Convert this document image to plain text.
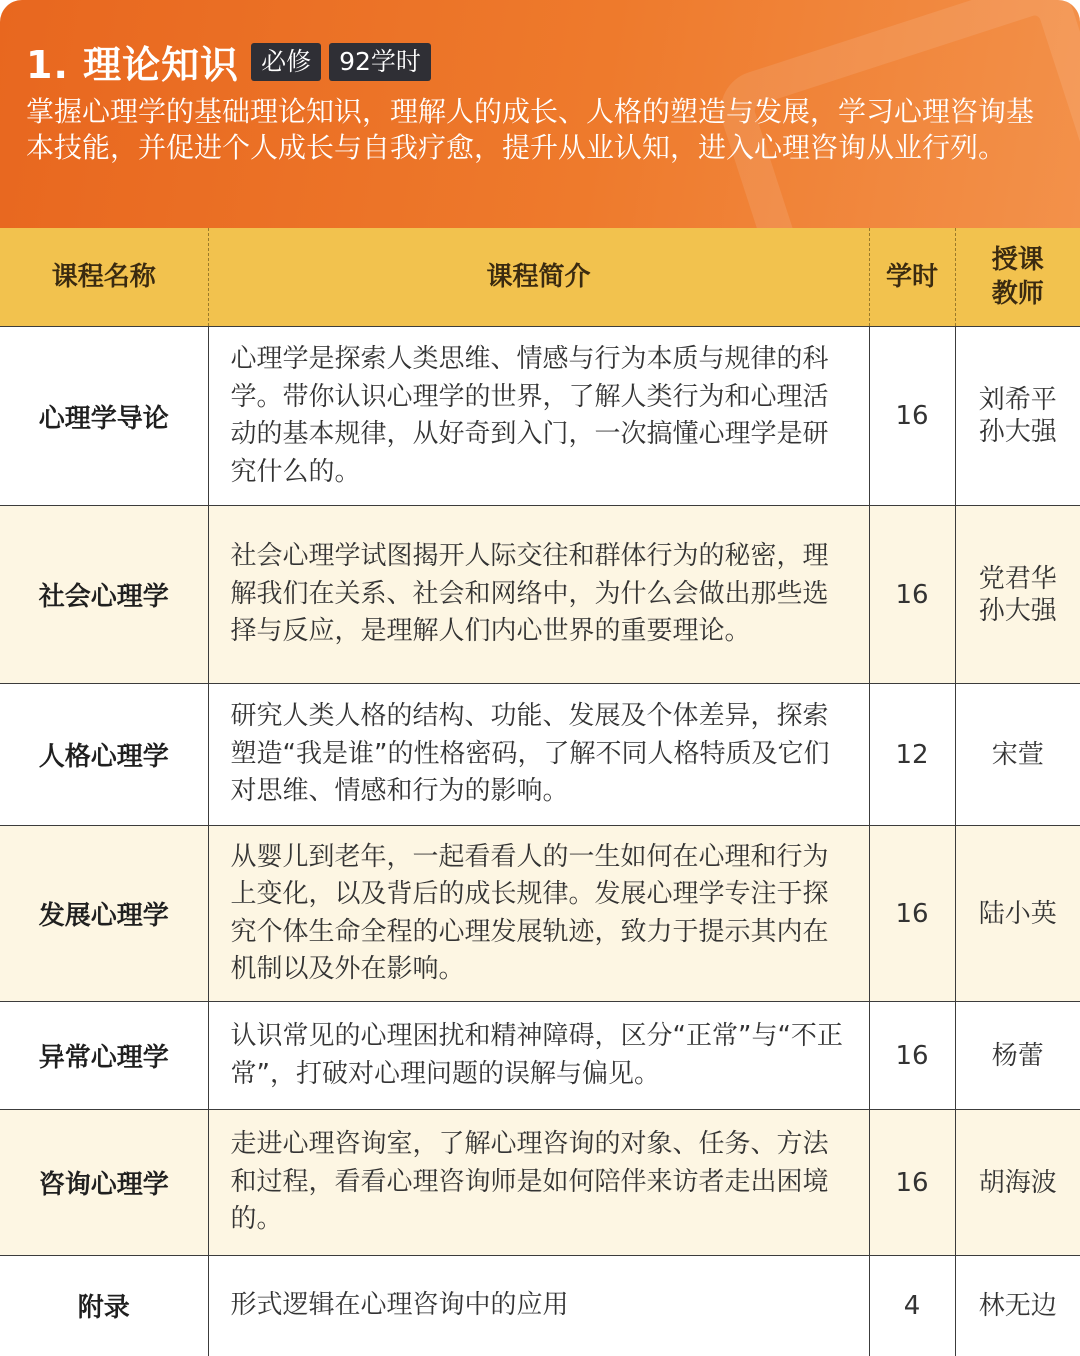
1. 理论知识 必修	92学时
掌握心理学的基础理论知识，理解人的成长、人格的塑造与发展，学习心理咨询基本技能，并促进个人成长与自我疗愈，提升从业认知，进入心理咨询从业行列。
课程名称	课程简介	学时	授课教师
心理学导论	心理学是探索人类思维、情感与行为本质与规律的科学。带你认识心理学的世界，了解人类行为和心理活动的基本规律，从好奇到入门，一次搞懂心理学是研究什么的。	16	刘希平 孙大强
社会心理学	社会心理学试图揭开人际交往和群体行为的秘密，理解我们在关系、社会和网络中，为什么会做出那些选择与反应，是理解人们内心世界的重要理论。	16	党君华 孙大强
人格心理学	研究人类人格的结构、功能、发展及个体差异，探索塑造“我是谁”的性格密码，了解不同人格特质及它们对思维、情感和行为的影响。	12	宋萱
发展心理学	从婴儿到老年，一起看看人的一生如何在心理和行为上变化，以及背后的成长规律。发展心理学专注于探究个体生命全程的心理发展轨迹，致力于提示其内在机制以及外在影响。	16	陆小英
异常心理学	认识常见的心理困扰和精神障碍，区分“正常”与“不正常”，打破对心理问题的误解与偏见。	16	杨蕾
咨询心理学	走进心理咨询室，了解心理咨询的对象、任务、方法和过程，看看心理咨询师是如何陪伴来访者走出困境的。	16	胡海波
附录	形式逻辑在心理咨询中的应用	4	林无边
